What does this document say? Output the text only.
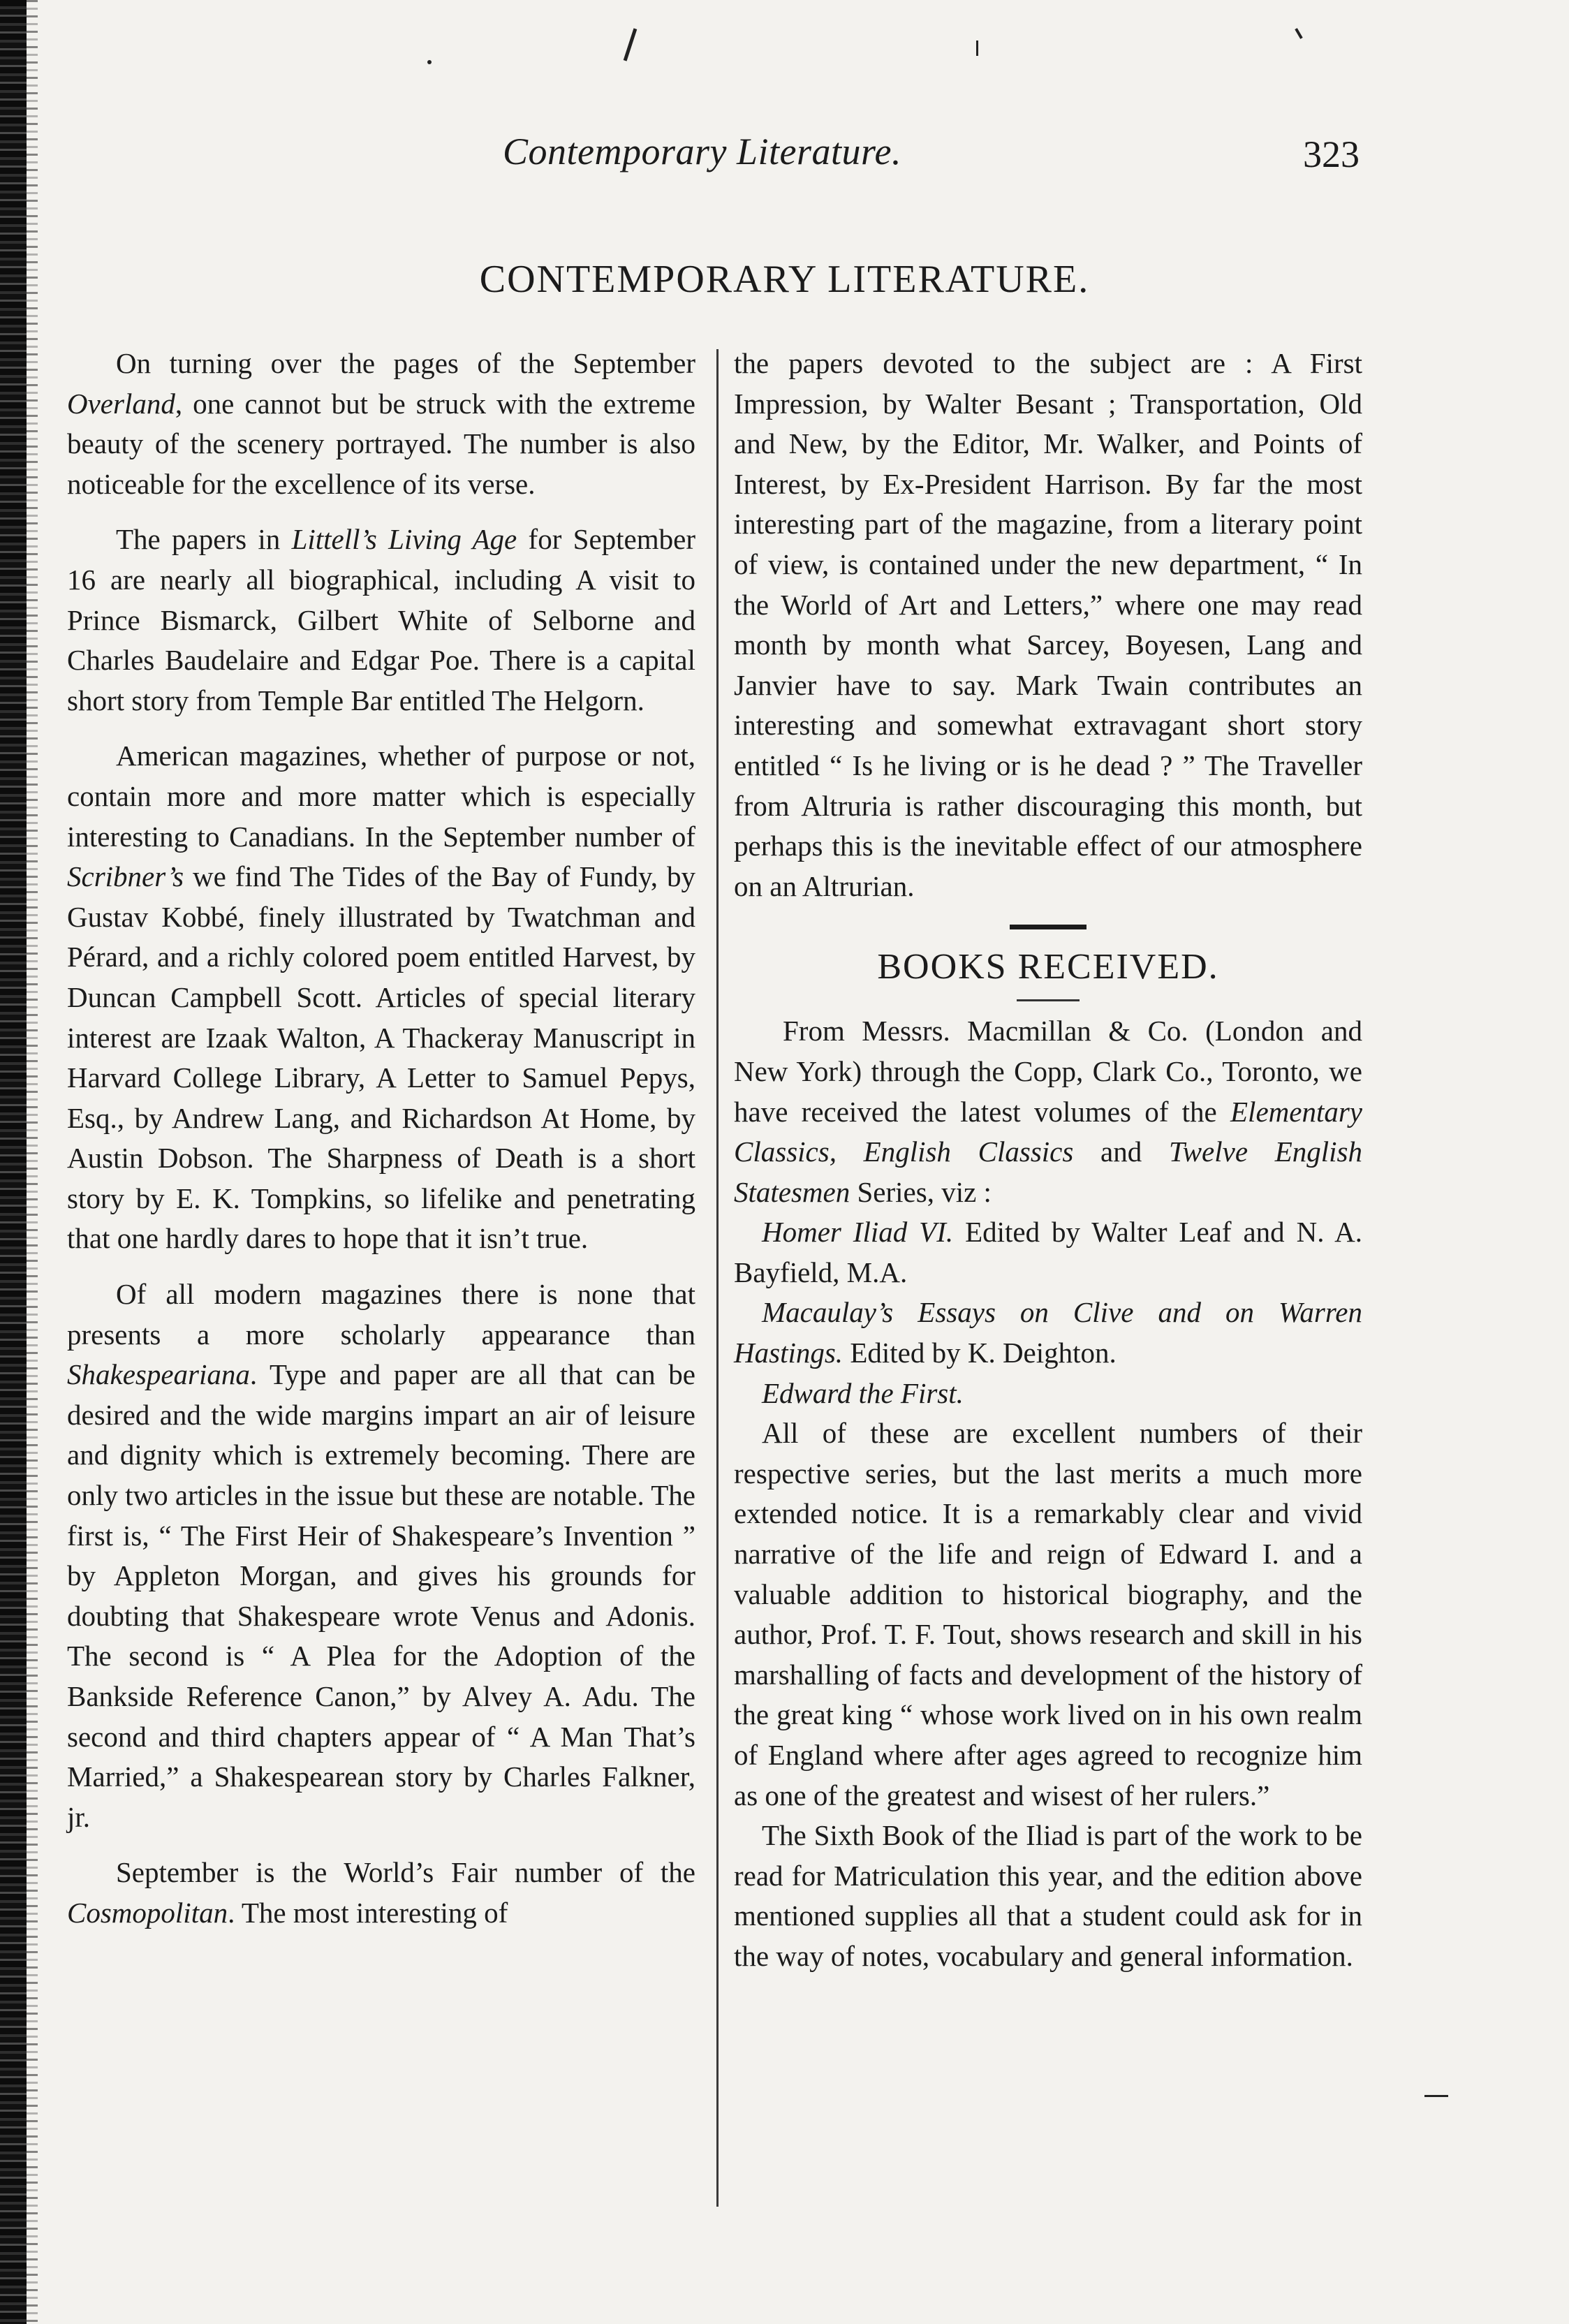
Contemporary Literature.	323
CONTEMPORARY LITERATURE.

On turning over the pages of the September Overland, one cannot but be struck with the extreme beauty of the scenery portrayed. The number is also noticeable for the excellence of its verse.

The papers in Littell’s Living Age for September 16 are nearly all biographical, including A visit to Prince Bismarck, Gilbert White of Selborne and Charles Baudelaire and Edgar Poe. There is a capital short story from Temple Bar entitled The Helgorn.

American magazines, whether of purpose or not, contain more and more matter which is especially interesting to Canadians. In the September number of Scribner’s we find The Tides of the Bay of Fundy, by Gustav Kobbé, finely illustrated by Twatchman and Pérard, and a richly colored poem entitled Harvest, by Duncan Campbell Scott. Articles of special literary interest are Izaak Walton, A Thackeray Manuscript in Harvard College Library, A Letter to Samuel Pepys, Esq., by Andrew Lang, and Richardson At Home, by Austin Dobson. The Sharpness of Death is a short story by E. K. Tompkins, so lifelike and penetrating that one hardly dares to hope that it isn’t true.

Of all modern magazines there is none that presents a more scholarly appearance than Shakespeariana. Type and paper are all that can be desired and the wide margins impart an air of leisure and dignity which is extremely becoming. There are only two articles in the issue but these are notable. The first is, “ The First Heir of Shakespeare’s Invention ” by Appleton Morgan, and gives his grounds for doubting that Shakespeare wrote Venus and Adonis. The second is “ A Plea for the Adoption of the Bankside Reference Canon,” by Alvey A. Adu. The second and third chapters appear of “ A Man That’s Married,” a Shakespearean story by Charles Falkner, jr.

September is the World’s Fair number of the Cosmopolitan. The most interesting of

the papers devoted to the subject are : A First Impression, by Walter Besant ; Transportation, Old and New, by the Editor, Mr. Walker, and Points of Interest, by Ex-President Harrison. By far the most interesting part of the magazine, from a literary point of view, is contained under the new department, “ In the World of Art and Letters,” where one may read month by month what Sarcey, Boyesen, Lang and Janvier have to say. Mark Twain contributes an interesting and somewhat extravagant short story entitled “ Is he living or is he dead ? ” The Traveller from Altruria is rather discouraging this month, but perhaps this is the inevitable effect of our atmosphere on an Altrurian.

BOOKS RECEIVED.

From Messrs. Macmillan & Co. (London and New York) through the Copp, Clark Co., Toronto, we have received the latest volumes of the Elementary Classics, English Classics and Twelve English Statesmen Series, viz :

Homer Iliad VI. Edited by Walter Leaf and N. A. Bayfield, M.A.

Macaulay’s Essays on Clive and on Warren Hastings. Edited by K. Deighton.

Edward the First.

All of these are excellent numbers of their respective series, but the last merits a much more extended notice. It is a remarkably clear and vivid narrative of the life and reign of Edward I. and a valuable addition to historical biography, and the author, Prof. T. F. Tout, shows research and skill in his marshalling of facts and development of the history of the great king “ whose work lived on in his own realm of England where after ages agreed to recognize him as one of the greatest and wisest of her rulers.”

The Sixth Book of the Iliad is part of the work to be read for Matriculation this year, and the edition above mentioned supplies all that a student could ask for in the way of notes, vocabulary and general information.
